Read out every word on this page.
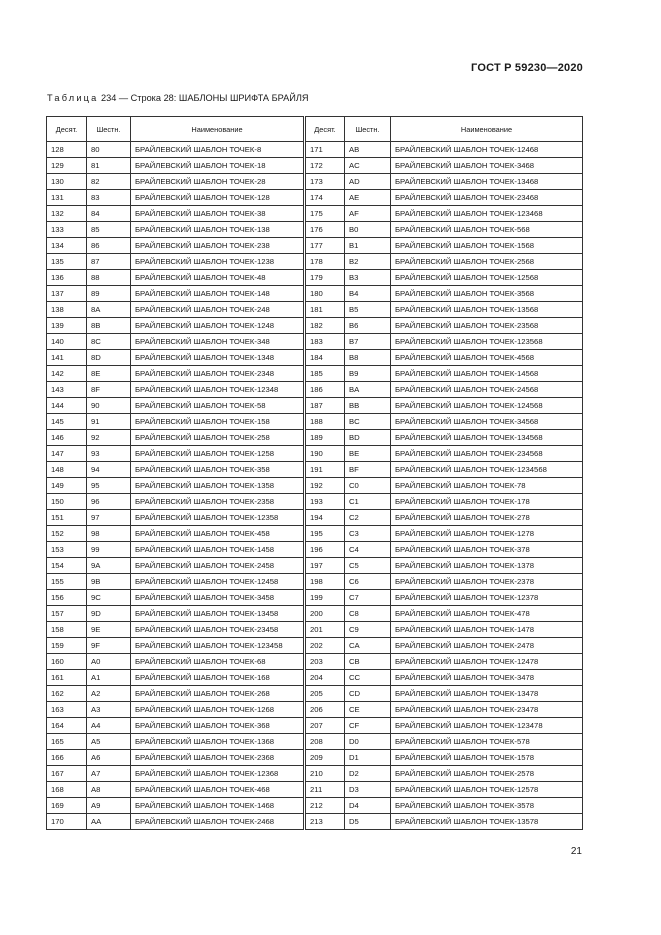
ГОСТ Р 59230—2020
Таблица 234 — Строка 28: ШАБЛОНЫ ШРИФТА БРАЙЛЯ
Десят.	Шестн.	Наименование	Десят.	Шестн.	Наименование
128	80	БРАЙЛЕВСКИЙ ШАБЛОН ТОЧЕК-8	171	AB	БРАЙЛЕВСКИЙ ШАБЛОН ТОЧЕК-12468
129	81	БРАЙЛЕВСКИЙ ШАБЛОН ТОЧЕК-18	172	AC	БРАЙЛЕВСКИЙ ШАБЛОН ТОЧЕК-3468
130	82	БРАЙЛЕВСКИЙ ШАБЛОН ТОЧЕК-28	173	AD	БРАЙЛЕВСКИЙ ШАБЛОН ТОЧЕК-13468
131	83	БРАЙЛЕВСКИЙ ШАБЛОН ТОЧЕК-128	174	AE	БРАЙЛЕВСКИЙ ШАБЛОН ТОЧЕК-23468
132	84	БРАЙЛЕВСКИЙ ШАБЛОН ТОЧЕК-38	175	AF	БРАЙЛЕВСКИЙ ШАБЛОН ТОЧЕК-123468
133	85	БРАЙЛЕВСКИЙ ШАБЛОН ТОЧЕК-138	176	B0	БРАЙЛЕВСКИЙ ШАБЛОН ТОЧЕК-568
134	86	БРАЙЛЕВСКИЙ ШАБЛОН ТОЧЕК-238	177	B1	БРАЙЛЕВСКИЙ ШАБЛОН ТОЧЕК-1568
135	87	БРАЙЛЕВСКИЙ ШАБЛОН ТОЧЕК-1238	178	B2	БРАЙЛЕВСКИЙ ШАБЛОН ТОЧЕК-2568
136	88	БРАЙЛЕВСКИЙ ШАБЛОН ТОЧЕК-48	179	B3	БРАЙЛЕВСКИЙ ШАБЛОН ТОЧЕК-12568
137	89	БРАЙЛЕВСКИЙ ШАБЛОН ТОЧЕК-148	180	B4	БРАЙЛЕВСКИЙ ШАБЛОН ТОЧЕК-3568
138	8A	БРАЙЛЕВСКИЙ ШАБЛОН ТОЧЕК-248	181	B5	БРАЙЛЕВСКИЙ ШАБЛОН ТОЧЕК-13568
139	8B	БРАЙЛЕВСКИЙ ШАБЛОН ТОЧЕК-1248	182	B6	БРАЙЛЕВСКИЙ ШАБЛОН ТОЧЕК-23568
140	8C	БРАЙЛЕВСКИЙ ШАБЛОН ТОЧЕК-348	183	B7	БРАЙЛЕВСКИЙ ШАБЛОН ТОЧЕК-123568
141	8D	БРАЙЛЕВСКИЙ ШАБЛОН ТОЧЕК-1348	184	B8	БРАЙЛЕВСКИЙ ШАБЛОН ТОЧЕК-4568
142	8E	БРАЙЛЕВСКИЙ ШАБЛОН ТОЧЕК-2348	185	B9	БРАЙЛЕВСКИЙ ШАБЛОН ТОЧЕК-14568
143	8F	БРАЙЛЕВСКИЙ ШАБЛОН ТОЧЕК-12348	186	BA	БРАЙЛЕВСКИЙ ШАБЛОН ТОЧЕК-24568
144	90	БРАЙЛЕВСКИЙ ШАБЛОН ТОЧЕК-58	187	BB	БРАЙЛЕВСКИЙ ШАБЛОН ТОЧЕК-124568
145	91	БРАЙЛЕВСКИЙ ШАБЛОН ТОЧЕК-158	188	BC	БРАЙЛЕВСКИЙ ШАБЛОН ТОЧЕК-34568
146	92	БРАЙЛЕВСКИЙ ШАБЛОН ТОЧЕК-258	189	BD	БРАЙЛЕВСКИЙ ШАБЛОН ТОЧЕК-134568
147	93	БРАЙЛЕВСКИЙ ШАБЛОН ТОЧЕК-1258	190	BE	БРАЙЛЕВСКИЙ ШАБЛОН ТОЧЕК-234568
148	94	БРАЙЛЕВСКИЙ ШАБЛОН ТОЧЕК-358	191	BF	БРАЙЛЕВСКИЙ ШАБЛОН ТОЧЕК-1234568
149	95	БРАЙЛЕВСКИЙ ШАБЛОН ТОЧЕК-1358	192	C0	БРАЙЛЕВСКИЙ ШАБЛОН ТОЧЕК-78
150	96	БРАЙЛЕВСКИЙ ШАБЛОН ТОЧЕК-2358	193	C1	БРАЙЛЕВСКИЙ ШАБЛОН ТОЧЕК-178
151	97	БРАЙЛЕВСКИЙ ШАБЛОН ТОЧЕК-12358	194	C2	БРАЙЛЕВСКИЙ ШАБЛОН ТОЧЕК-278
152	98	БРАЙЛЕВСКИЙ ШАБЛОН ТОЧЕК-458	195	C3	БРАЙЛЕВСКИЙ ШАБЛОН ТОЧЕК-1278
153	99	БРАЙЛЕВСКИЙ ШАБЛОН ТОЧЕК-1458	196	C4	БРАЙЛЕВСКИЙ ШАБЛОН ТОЧЕК-378
154	9A	БРАЙЛЕВСКИЙ ШАБЛОН ТОЧЕК-2458	197	C5	БРАЙЛЕВСКИЙ ШАБЛОН ТОЧЕК-1378
155	9B	БРАЙЛЕВСКИЙ ШАБЛОН ТОЧЕК-12458	198	C6	БРАЙЛЕВСКИЙ ШАБЛОН ТОЧЕК-2378
156	9C	БРАЙЛЕВСКИЙ ШАБЛОН ТОЧЕК-3458	199	C7	БРАЙЛЕВСКИЙ ШАБЛОН ТОЧЕК-12378
157	9D	БРАЙЛЕВСКИЙ ШАБЛОН ТОЧЕК-13458	200	C8	БРАЙЛЕВСКИЙ ШАБЛОН ТОЧЕК-478
158	9E	БРАЙЛЕВСКИЙ ШАБЛОН ТОЧЕК-23458	201	C9	БРАЙЛЕВСКИЙ ШАБЛОН ТОЧЕК-1478
159	9F	БРАЙЛЕВСКИЙ ШАБЛОН ТОЧЕК-123458	202	CA	БРАЙЛЕВСКИЙ ШАБЛОН ТОЧЕК-2478
160	A0	БРАЙЛЕВСКИЙ ШАБЛОН ТОЧЕК-68	203	CB	БРАЙЛЕВСКИЙ ШАБЛОН ТОЧЕК-12478
161	A1	БРАЙЛЕВСКИЙ ШАБЛОН ТОЧЕК-168	204	CC	БРАЙЛЕВСКИЙ ШАБЛОН ТОЧЕК-3478
162	A2	БРАЙЛЕВСКИЙ ШАБЛОН ТОЧЕК-268	205	CD	БРАЙЛЕВСКИЙ ШАБЛОН ТОЧЕК-13478
163	A3	БРАЙЛЕВСКИЙ ШАБЛОН ТОЧЕК-1268	206	CE	БРАЙЛЕВСКИЙ ШАБЛОН ТОЧЕК-23478
164	A4	БРАЙЛЕВСКИЙ ШАБЛОН ТОЧЕК-368	207	CF	БРАЙЛЕВСКИЙ ШАБЛОН ТОЧЕК-123478
165	A5	БРАЙЛЕВСКИЙ ШАБЛОН ТОЧЕК-1368	208	D0	БРАЙЛЕВСКИЙ ШАБЛОН ТОЧЕК-578
166	A6	БРАЙЛЕВСКИЙ ШАБЛОН ТОЧЕК-2368	209	D1	БРАЙЛЕВСКИЙ ШАБЛОН ТОЧЕК-1578
167	A7	БРАЙЛЕВСКИЙ ШАБЛОН ТОЧЕК-12368	210	D2	БРАЙЛЕВСКИЙ ШАБЛОН ТОЧЕК-2578
168	A8	БРАЙЛЕВСКИЙ ШАБЛОН ТОЧЕК-468	211	D3	БРАЙЛЕВСКИЙ ШАБЛОН ТОЧЕК-12578
169	A9	БРАЙЛЕВСКИЙ ШАБЛОН ТОЧЕК-1468	212	D4	БРАЙЛЕВСКИЙ ШАБЛОН ТОЧЕК-3578
170	AA	БРАЙЛЕВСКИЙ ШАБЛОН ТОЧЕК-2468	213	D5	БРАЙЛЕВСКИЙ ШАБЛОН ТОЧЕК-13578
21
